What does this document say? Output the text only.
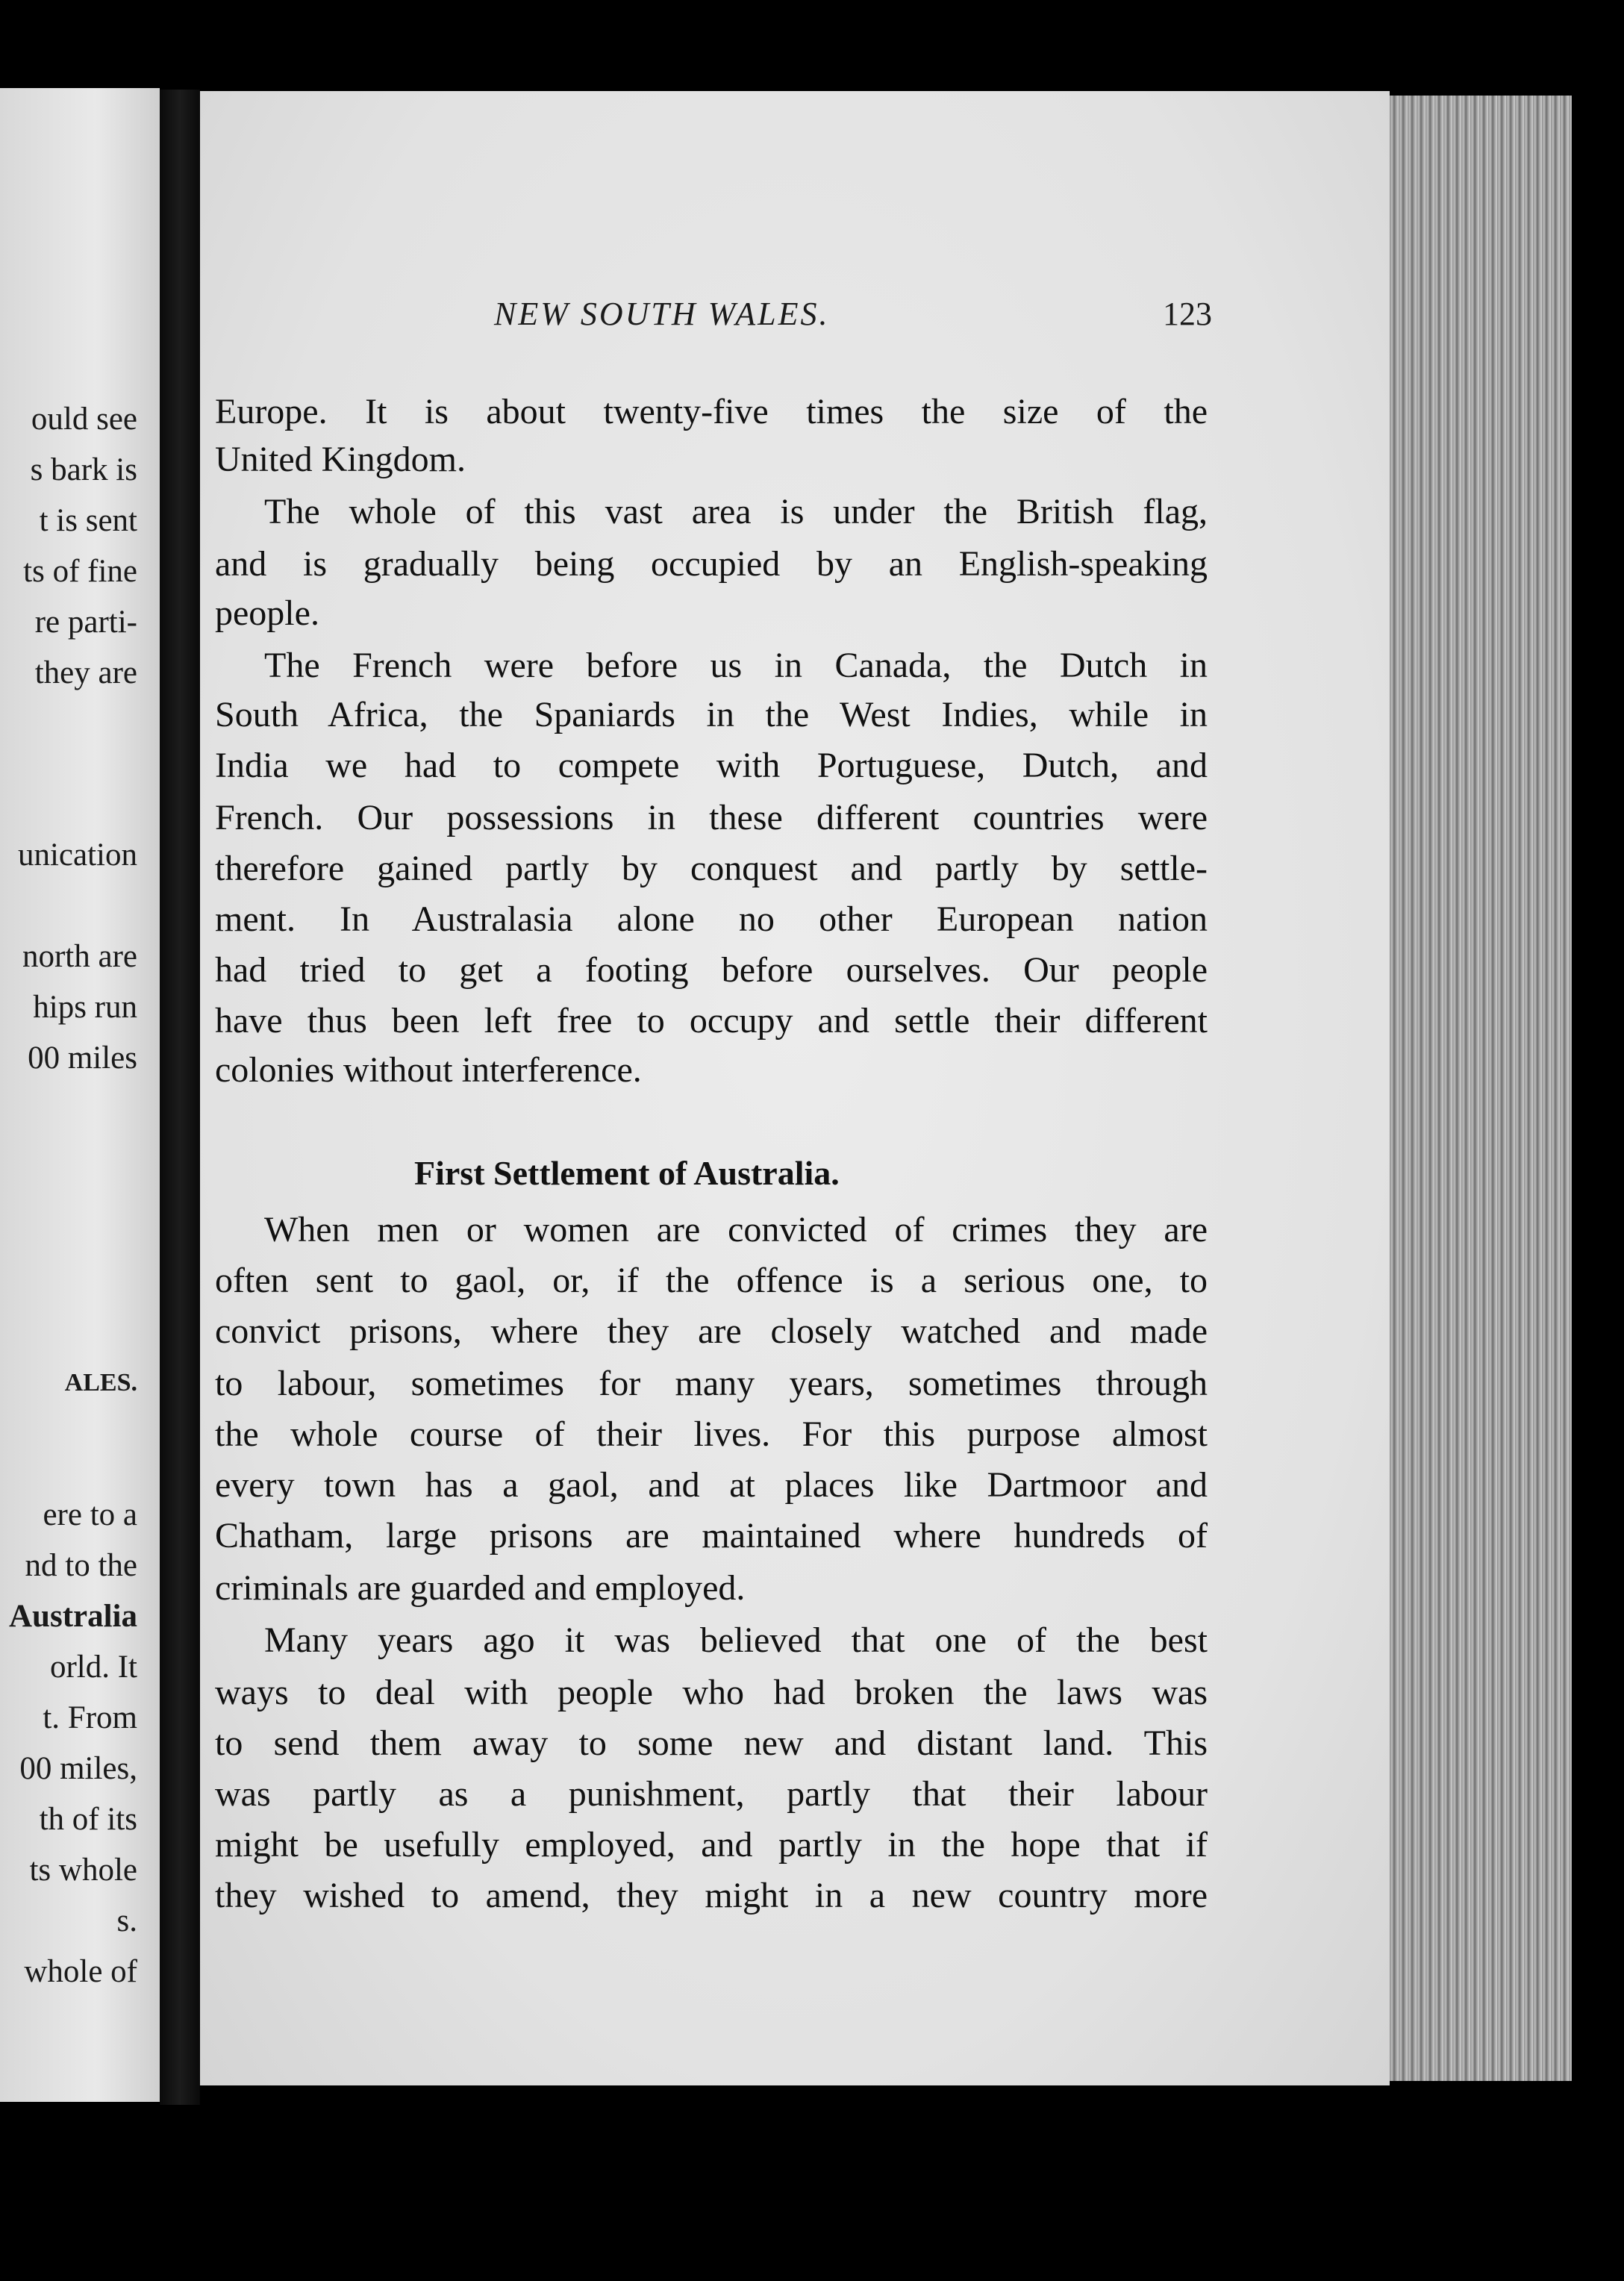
ould see
s bark is
t is sent
ts of fine
re parti-
they are
unication
north are
hips run
00 miles
ALES.
ere to a
nd to the
Australia
orld. It
t. From
00 miles,
th of its
ts whole
s.
whole of
NEW SOUTH WALES.	123
Europe. It is about twenty-five times the size of the
United Kingdom.
The whole of this vast area is under the British flag,
and is gradually being occupied by an English-speaking
people.
The French were before us in Canada, the Dutch in
South Africa, the Spaniards in the West Indies, while in
India we had to compete with Portuguese, Dutch, and
French. Our possessions in these different countries were
therefore gained partly by conquest and partly by settle-
ment. In Australasia alone no other European nation
had tried to get a footing before ourselves. Our people
have thus been left free to occupy and settle their different
colonies without interference.
First Settlement of Australia.
When men or women are convicted of crimes they are
often sent to gaol, or, if the offence is a serious one, to
convict prisons, where they are closely watched and made
to labour, sometimes for many years, sometimes through
the whole course of their lives. For this purpose almost
every town has a gaol, and at places like Dartmoor and
Chatham, large prisons are maintained where hundreds of
criminals are guarded and employed.
Many years ago it was believed that one of the best
ways to deal with people who had broken the laws was
to send them away to some new and distant land. This
was partly as a punishment, partly that their labour
might be usefully employed, and partly in the hope that if
they wished to amend, they might in a new country more
